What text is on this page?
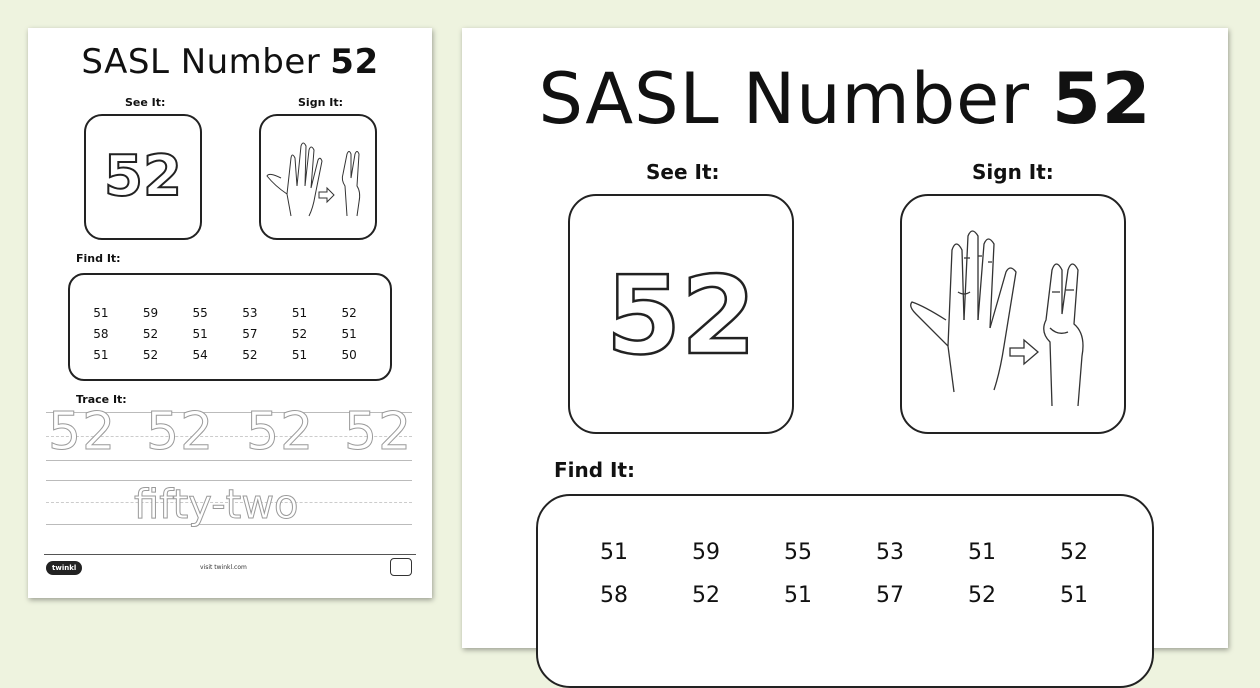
SASL Number 52
See It:	Sign It:
52
Find It:
51	59	55	53	51	52
58	52	51	57	52	51
51	52	54	52	51	50
Trace It:
52 52 52 52
fifty-two
twinkl	visit twinkl.com
SASL Number 52
See It:	Sign It:
52
Find It:
51	59	55	53	51	52
58	52	51	57	52	51
